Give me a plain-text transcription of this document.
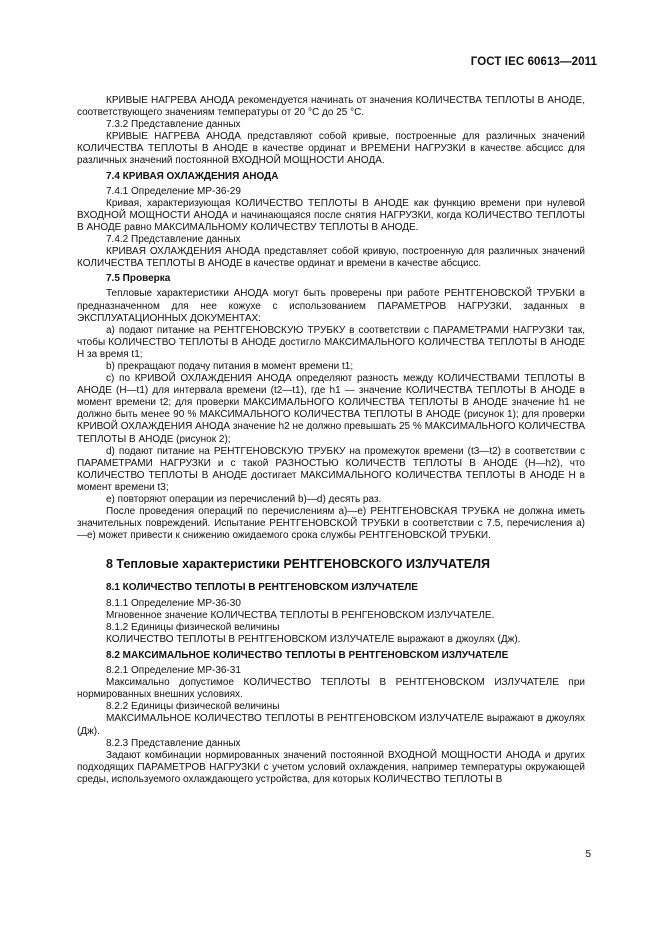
ГОСТ IEC 60613—2011

КРИВЫЕ НАГРЕВА АНОДА рекомендуется начинать от значения КОЛИЧЕСТВА ТЕПЛОТЫ В АНОДЕ, соответствующего значениям температуры от 20 °С до 25 °С.

7.3.2 Представление данных

КРИВЫЕ НАГРЕВА АНОДА представляют собой кривые, построенные для различных значений КОЛИЧЕСТВА ТЕПЛОТЫ В АНОДЕ в качестве ординат и ВРЕМЕНИ НАГРУЗКИ в качестве абсцисс для различных значений постоянной ВХОДНОЙ МОЩНОСТИ АНОДА.

7.4 КРИВАЯ ОХЛАЖДЕНИЯ АНОДА

7.4.1 Определение МР-36-29

Кривая, характеризующая КОЛИЧЕСТВО ТЕПЛОТЫ В АНОДЕ как функцию времени при нулевой ВХОДНОЙ МОЩНОСТИ АНОДА и начинающаяся после снятия НАГРУЗКИ, когда КОЛИЧЕСТВО ТЕПЛОТЫ В АНОДЕ равно МАКСИМАЛЬНОМУ КОЛИЧЕСТВУ ТЕПЛОТЫ В АНОДЕ.

7.4.2 Представление данных

КРИВАЯ ОХЛАЖДЕНИЯ АНОДА представляет собой кривую, построенную для различных значений КОЛИЧЕСТВА ТЕПЛОТЫ В АНОДЕ в качестве ординат и времени в качестве абсцисс.

7.5 Проверка

Тепловые характеристики АНОДА могут быть проверены при работе РЕНТГЕНОВСКОЙ ТРУБКИ в предназначенном для нее кожухе с использованием ПАРАМЕТРОВ НАГРУЗКИ, заданных в ЭКСПЛУАТАЦИОННЫХ ДОКУМЕНТАХ:

а) подают питание на РЕНТГЕНОВСКУЮ ТРУБКУ в соответствии с ПАРАМЕТРАМИ НАГРУЗКИ так, чтобы КОЛИЧЕСТВО ТЕПЛОТЫ В АНОДЕ достигло МАКСИМАЛЬНОГО КОЛИЧЕСТВА ТЕПЛОТЫ В АНОДЕ H за время t1;

b) прекращают подачу питания в момент времени t1;

c) по КРИВОЙ ОХЛАЖДЕНИЯ АНОДА определяют разность между КОЛИЧЕСТВАМИ ТЕПЛОТЫ В АНОДЕ (H—t1) для интервала времени (t2—t1), где h1 — значение КОЛИЧЕСТВА ТЕПЛОТЫ В АНОДЕ в момент времени t2; для проверки МАКСИМАЛЬНОГО КОЛИЧЕСТВА ТЕПЛОТЫ В АНОДЕ значение h1 не должно быть менее 90 % МАКСИМАЛЬНОГО КОЛИЧЕСТВА ТЕПЛОТЫ В АНОДЕ (рисунок 1); для проверки КРИВОЙ ОХЛАЖДЕНИЯ АНОДА значение h2 не должно превышать 25 % МАКСИМАЛЬНОГО КОЛИЧЕСТВА ТЕПЛОТЫ В АНОДЕ (рисунок 2);

d) подают питание на РЕНТГЕНОВСКУЮ ТРУБКУ на промежуток времени (t3—t2) в соответствии с ПАРАМЕТРАМИ НАГРУЗКИ и с такой РАЗНОСТЬЮ КОЛИЧЕСТВ ТЕПЛОТЫ В АНОДЕ (H—h2), что КОЛИЧЕСТВО ТЕПЛОТЫ В АНОДЕ достигает МАКСИМАЛЬНОГО КОЛИЧЕСТВА ТЕПЛОТЫ В АНОДЕ H в момент времени t3;

e) повторяют операции из перечислений b)—d) десять раз.

После проведения операций по перечислениям а)—е) РЕНТГЕНОВСКАЯ ТРУБКА не должна иметь значительных повреждений. Испытание РЕНТГЕНОВСКОЙ ТРУБКИ в соответствии с 7.5, перечисления а)—е) может привести к снижению ожидаемого срока службы РЕНТГЕНОВСКОЙ ТРУБКИ.

8 Тепловые характеристики РЕНТГЕНОВСКОГО ИЗЛУЧАТЕЛЯ

8.1 КОЛИЧЕСТВО ТЕПЛОТЫ В РЕНТГЕНОВСКОМ ИЗЛУЧАТЕЛЕ

8.1.1 Определение МР-36-30

Мгновенное значение КОЛИЧЕСТВА ТЕПЛОТЫ В РЕНГЕНОВСКОМ ИЗЛУЧАТЕЛЕ.

8.1.2 Единицы физической величины

КОЛИЧЕСТВО ТЕПЛОТЫ В РЕНТГЕНОВСКОМ ИЗЛУЧАТЕЛЕ выражают в джоулях (Дж).

8.2 МАКСИМАЛЬНОЕ КОЛИЧЕСТВО ТЕПЛОТЫ В РЕНТГЕНОВСКОМ ИЗЛУЧАТЕЛЕ

8.2.1 Определение МР-36-31

Максимально допустимое КОЛИЧЕСТВО ТЕПЛОТЫ В РЕНТГЕНОВСКОМ ИЗЛУЧАТЕЛЕ при нормированных внешних условиях.

8.2.2 Единицы физической величины

МАКСИМАЛЬНОЕ КОЛИЧЕСТВО ТЕПЛОТЫ В РЕНТГЕНОВСКОМ ИЗЛУЧАТЕЛЕ выражают в джоулях (Дж).

8.2.3 Представление данных

Задают комбинации нормированных значений постоянной ВХОДНОЙ МОЩНОСТИ АНОДА и других подходящих ПАРАМЕТРОВ НАГРУЗКИ с учетом условий охлаждения, например температуры окружающей среды, используемого охлаждающего устройства, для которых КОЛИЧЕСТВО ТЕПЛОТЫ В

5
